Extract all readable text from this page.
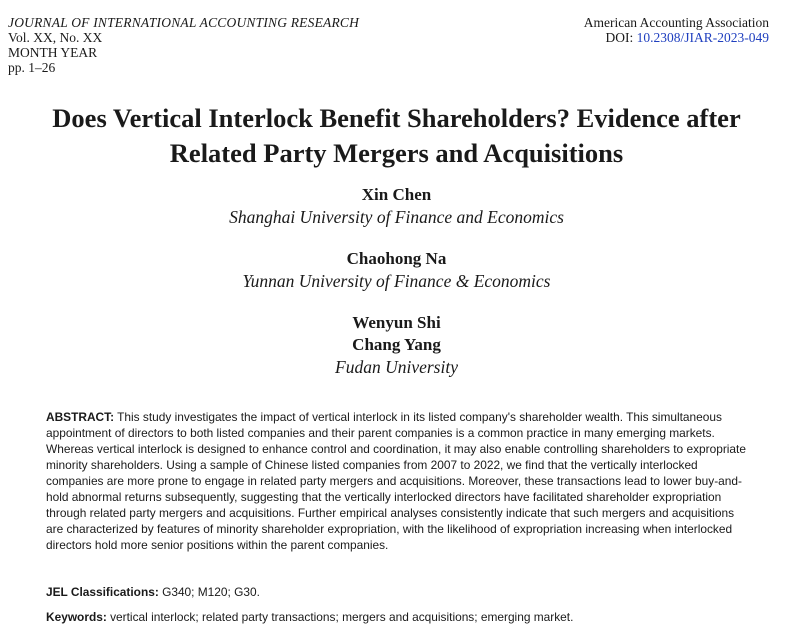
JOURNAL OF INTERNATIONAL ACCOUNTING RESEARCH
Vol. XX, No. XX
MONTH YEAR
pp. 1–26
American Accounting Association
DOI: 10.2308/JIAR-2023-049
Does Vertical Interlock Benefit Shareholders? Evidence after
Related Party Mergers and Acquisitions
Xin Chen
Shanghai University of Finance and Economics
Chaohong Na
Yunnan University of Finance & Economics
Wenyun Shi
Chang Yang
Fudan University
ABSTRACT: This study investigates the impact of vertical interlock in its listed company's shareholder wealth. This simultaneous appointment of directors to both listed companies and their parent companies is a common practice in many emerging markets. Whereas vertical interlock is designed to enhance control and coordination, it may also enable controlling shareholders to expropriate minority shareholders. Using a sample of Chinese listed companies from 2007 to 2022, we find that the vertically interlocked companies are more prone to engage in related party mergers and acquisitions. Moreover, these transactions lead to lower buy-and-hold abnormal returns subsequently, suggesting that the vertically interlocked directors have facilitated shareholder expropriation through related party mergers and acquisitions. Further empirical analyses consistently indicate that such mergers and acquisitions are characterized by features of minority shareholder expropriation, with the likelihood of expropriation increasing when interlocked directors hold more senior positions within the parent companies.
JEL Classifications: G340; M120; G30.
Keywords: vertical interlock; related party transactions; mergers and acquisitions; emerging market.
